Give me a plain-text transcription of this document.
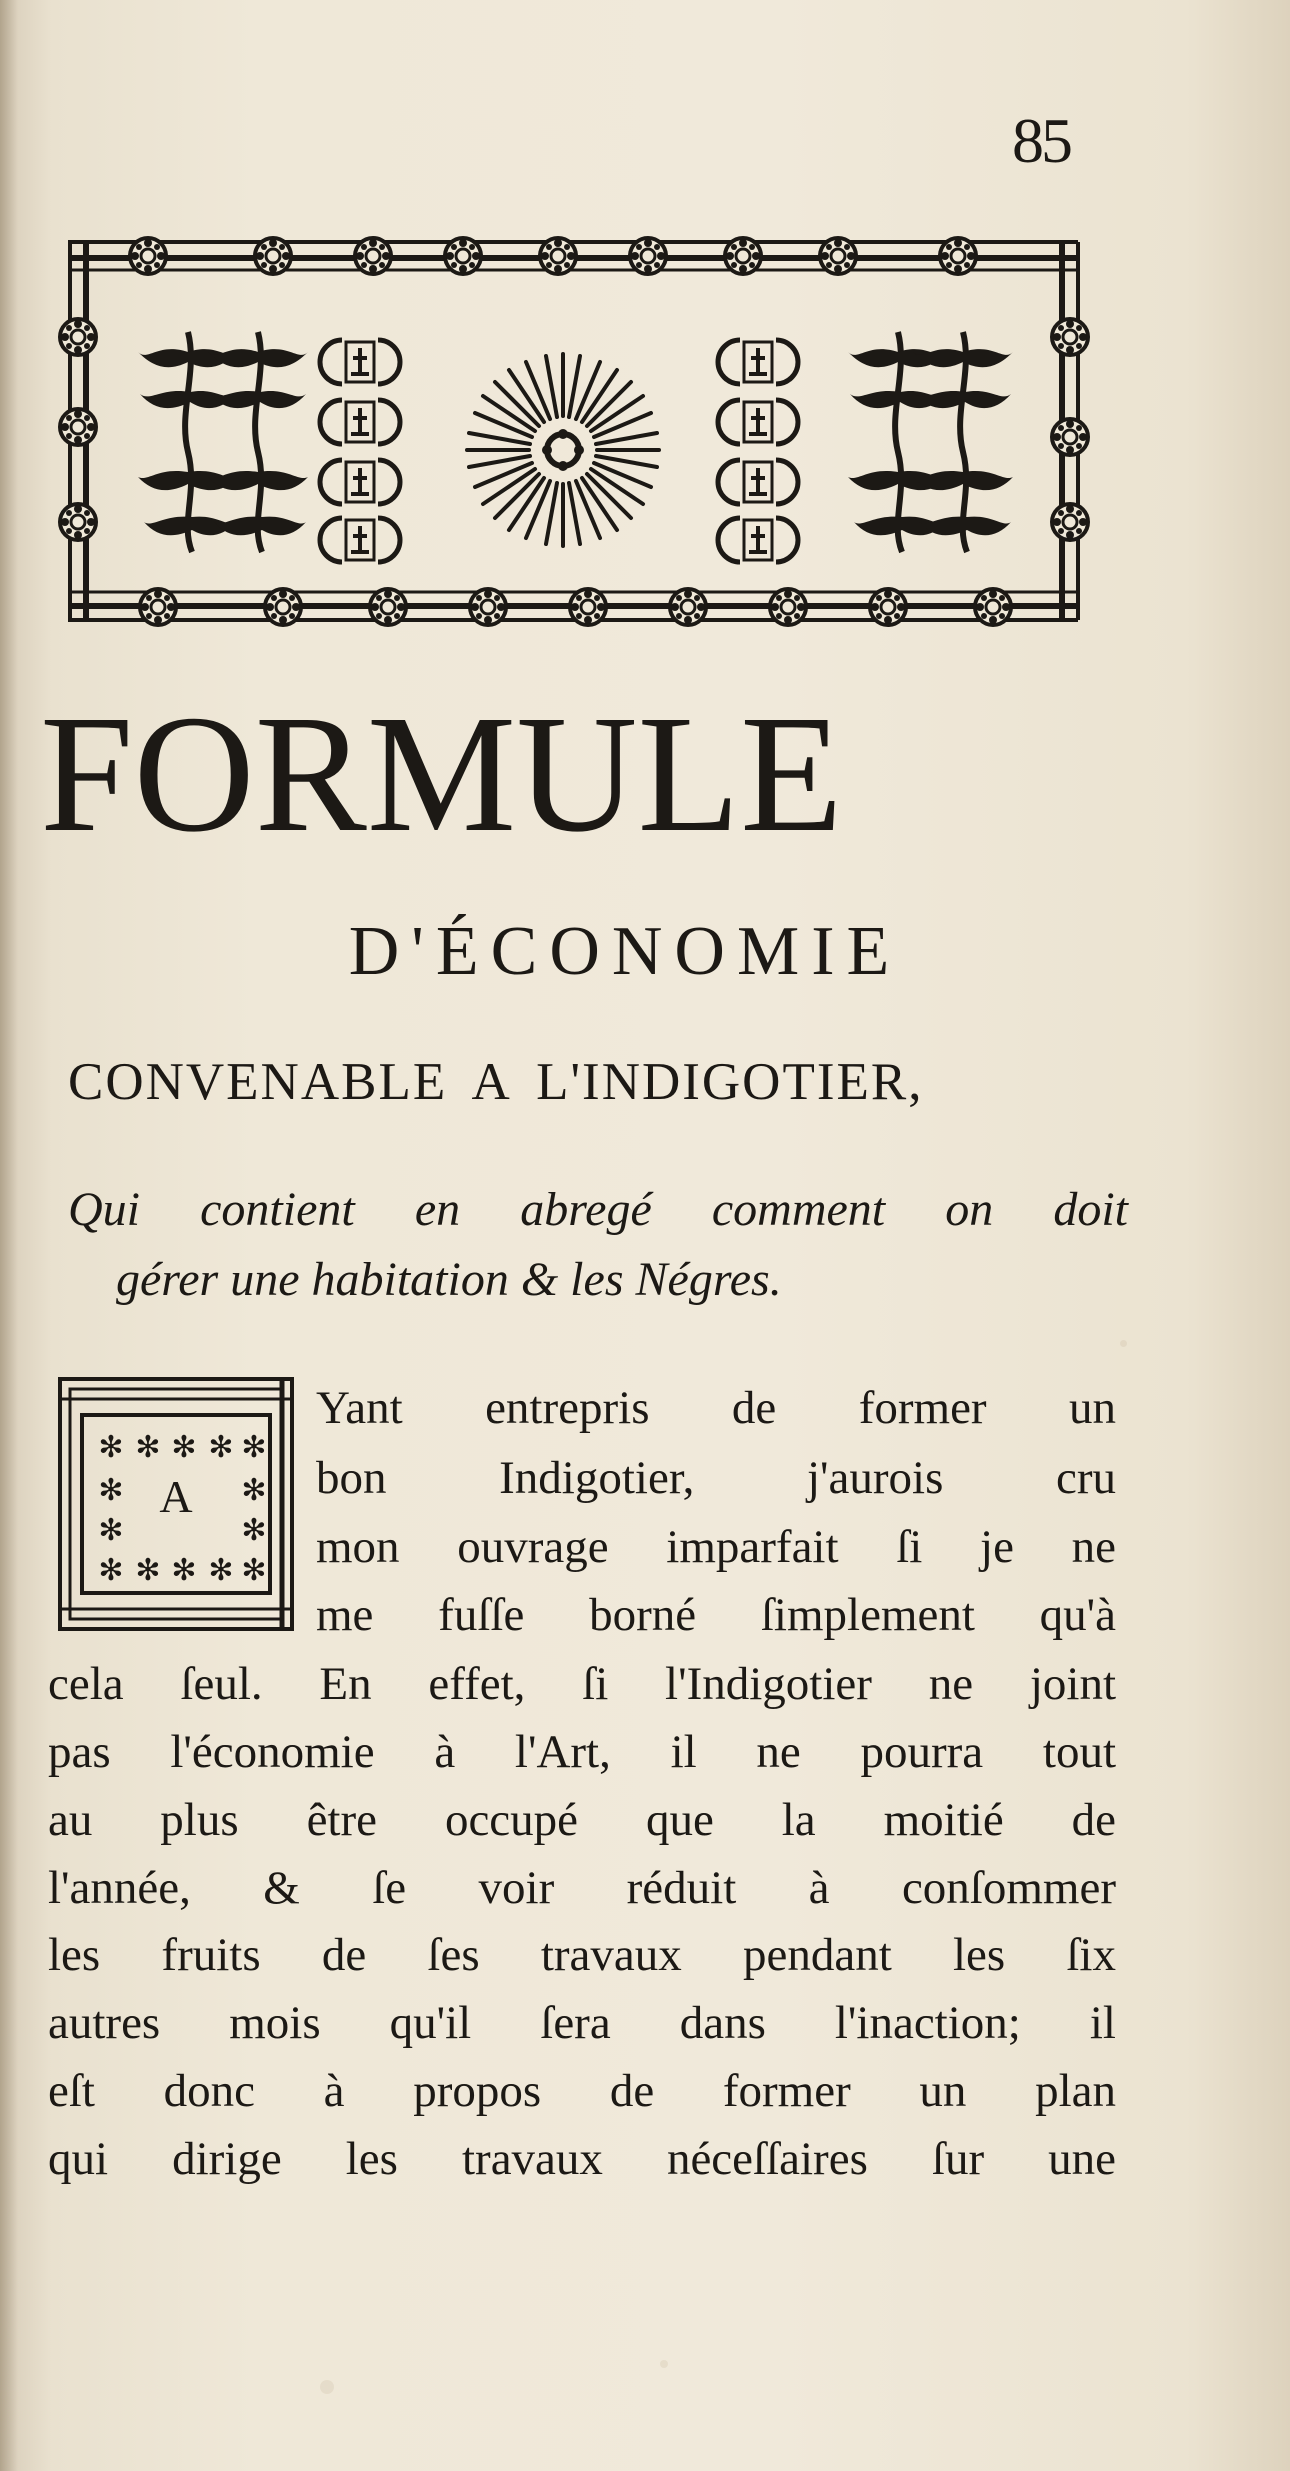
85
FORMULE
D'ÉCONOMIE
CONVENABLE A L'INDIGOTIER,

Qui contient en abregé comment on doit
gérer une habitation & les Négres.

✻ ✻ ✻ ✻ ✻
✻	✻
✻	✻
✻ ✻ ✻ ✻ ✻
A

Yant entrepris de former un

bon Indigotier, j'aurois cru

mon ouvrage imparfait ſi je ne

me fuſſe borné ſimplement qu'à

cela ſeul. En effet, ſi l'Indigotier ne joint

pas l'économie à l'Art, il ne pourra tout

au plus être occupé que la moitié de

l'année, & ſe voir réduit à conſommer

les fruits de ſes travaux pendant les ſix

autres mois qu'il ſera dans l'inaction; il

eſt donc à propos de former un plan

qui dirige les travaux néceſſaires ſur une
